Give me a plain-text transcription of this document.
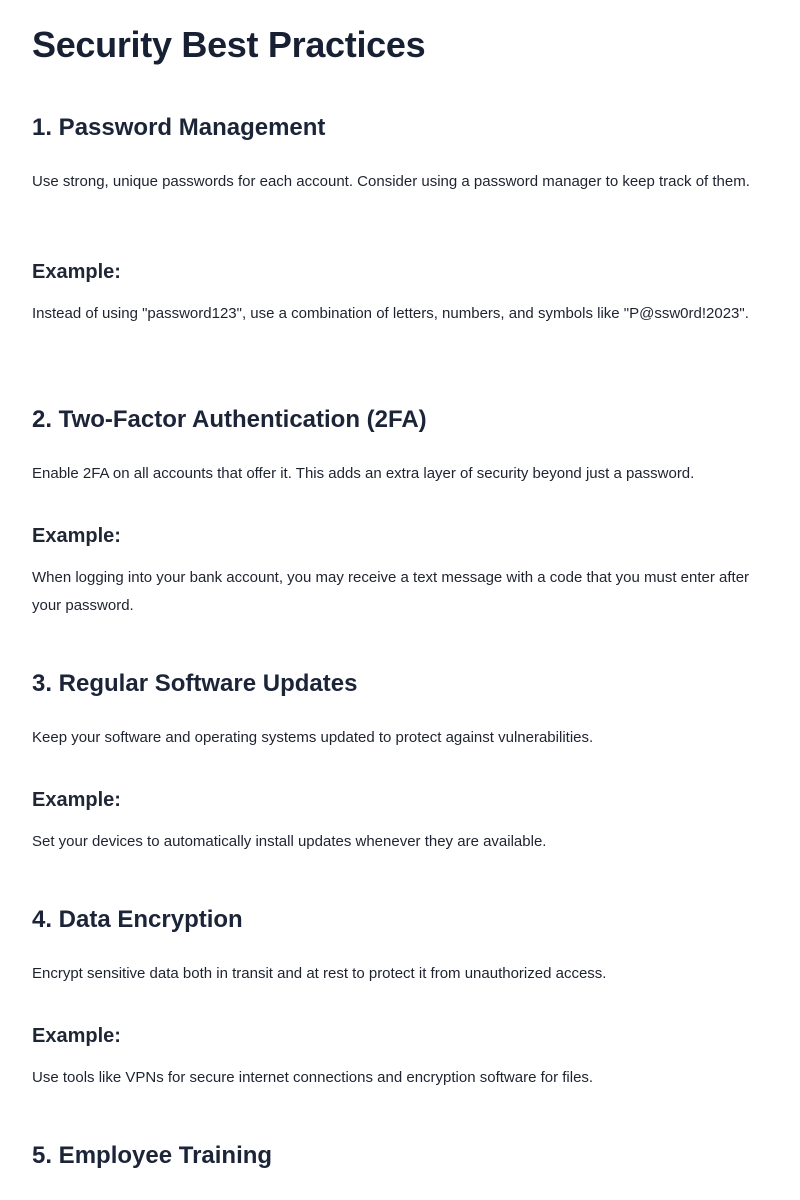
Security Best Practices
1. Password Management

Use strong, unique passwords for each account. Consider using a password manager to keep track of them.

Example:

Instead of using "password123", use a combination of letters, numbers, and symbols like "P@ssw0rd!2023".

2. Two-Factor Authentication (2FA)

Enable 2FA on all accounts that offer it. This adds an extra layer of security beyond just a password.

Example:

When logging into your bank account, you may receive a text message with a code that you must enter after your password.

3. Regular Software Updates

Keep your software and operating systems updated to protect against vulnerabilities.

Example:

Set your devices to automatically install updates whenever they are available.

4. Data Encryption

Encrypt sensitive data both in transit and at rest to protect it from unauthorized access.

Example:

Use tools like VPNs for secure internet connections and encryption software for files.

5. Employee Training
